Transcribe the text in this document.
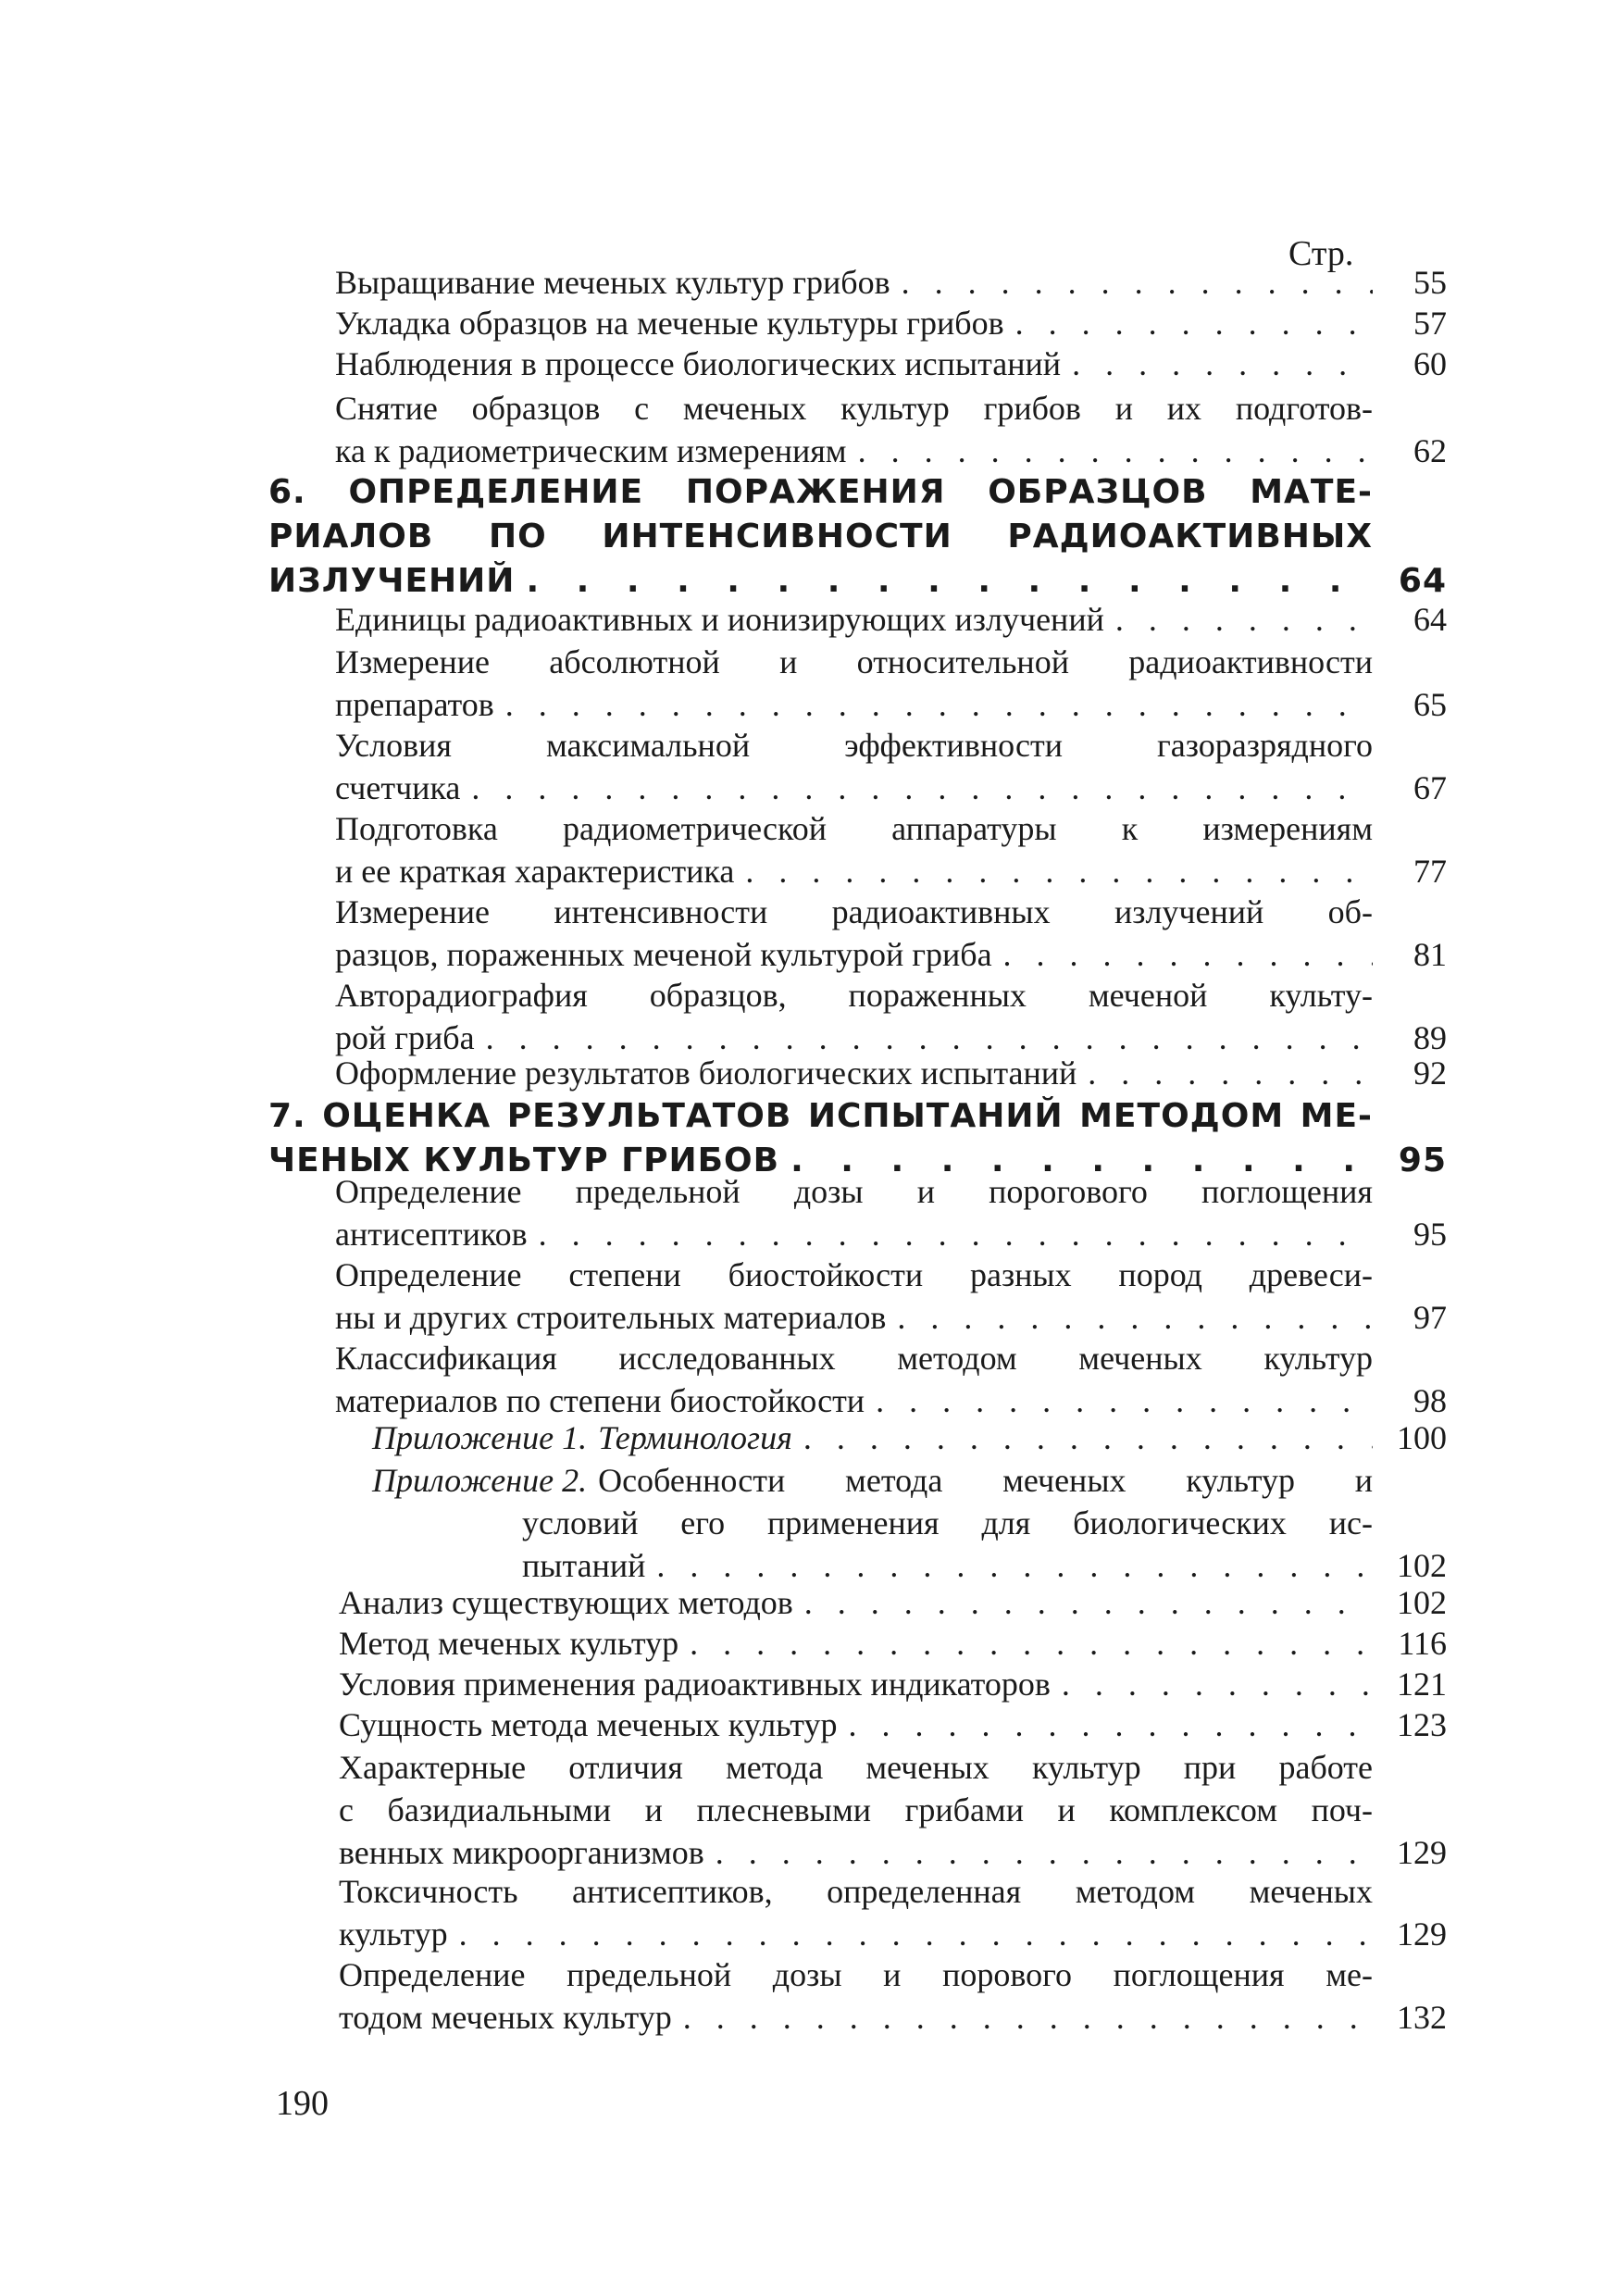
Стр.
Выращивание меченых культур грибов . . .	55
Укладка образцов на меченые культуры грибов . . .	57
Наблюдения в процессе биологических испытаний . . .	60
Снятие образцов с меченых культур грибов и их подготов-
ка к радиометрическим измерениям . . .	62
6. ОПРЕДЕЛЕНИЕ ПОРАЖЕНИЯ ОБРАЗЦОВ МАТЕ-
РИАЛОВ ПО ИНТЕНСИВНОСТИ РАДИОАКТИВНЫХ
ИЗЛУЧЕНИЙ . . .	64
Единицы радиоактивных и ионизирующих излучений . . .	64
Измерение абсолютной и относительной радиоактивности
препаратов . . .	65
Условия максимальной эффективности газоразрядного
счетчика . . .	67
Подготовка радиометрической аппаратуры к измерениям
и ее краткая характеристика . . .	77
Измерение интенсивности радиоактивных излучений об-
разцов, пораженных меченой культурой гриба . . .	81
Авторадиография образцов, пораженных меченой культу-
рой гриба . . .	89
Оформление результатов биологических испытаний . . .	92
7. ОЦЕНКА РЕЗУЛЬТАТОВ ИСПЫТАНИЙ МЕТОДОМ МЕ-
ЧЕНЫХ КУЛЬТУР ГРИБОВ . . .	95
Определение предельной дозы и порогового поглощения
антисептиков . . .	95
Определение степени биостойкости разных пород древеси-
ны и других строительных материалов . . .	97
Классификация исследованных методом меченых культур
материалов по степени биостойкости . . .	98
Приложение 1. Терминология . . .	100
Приложение 2. Особенности метода меченых культур и
условий его применения для биологических ис-
пытаний . . .	102
Анализ существующих методов . . .	102
Метод меченых культур . . .	116
Условия применения радиоактивных индикаторов . . .	121
Сущность метода меченых культур . . .	123
Характерные отличия метода меченых культур при работе
с базидиальными и плесневыми грибами и комплексом поч-
венных микроорганизмов . . .	129
Токсичность антисептиков, определенная методом меченых
культур . . .	129
Определение предельной дозы и порового поглощения ме-
тодом меченых культур . . .	132
190
